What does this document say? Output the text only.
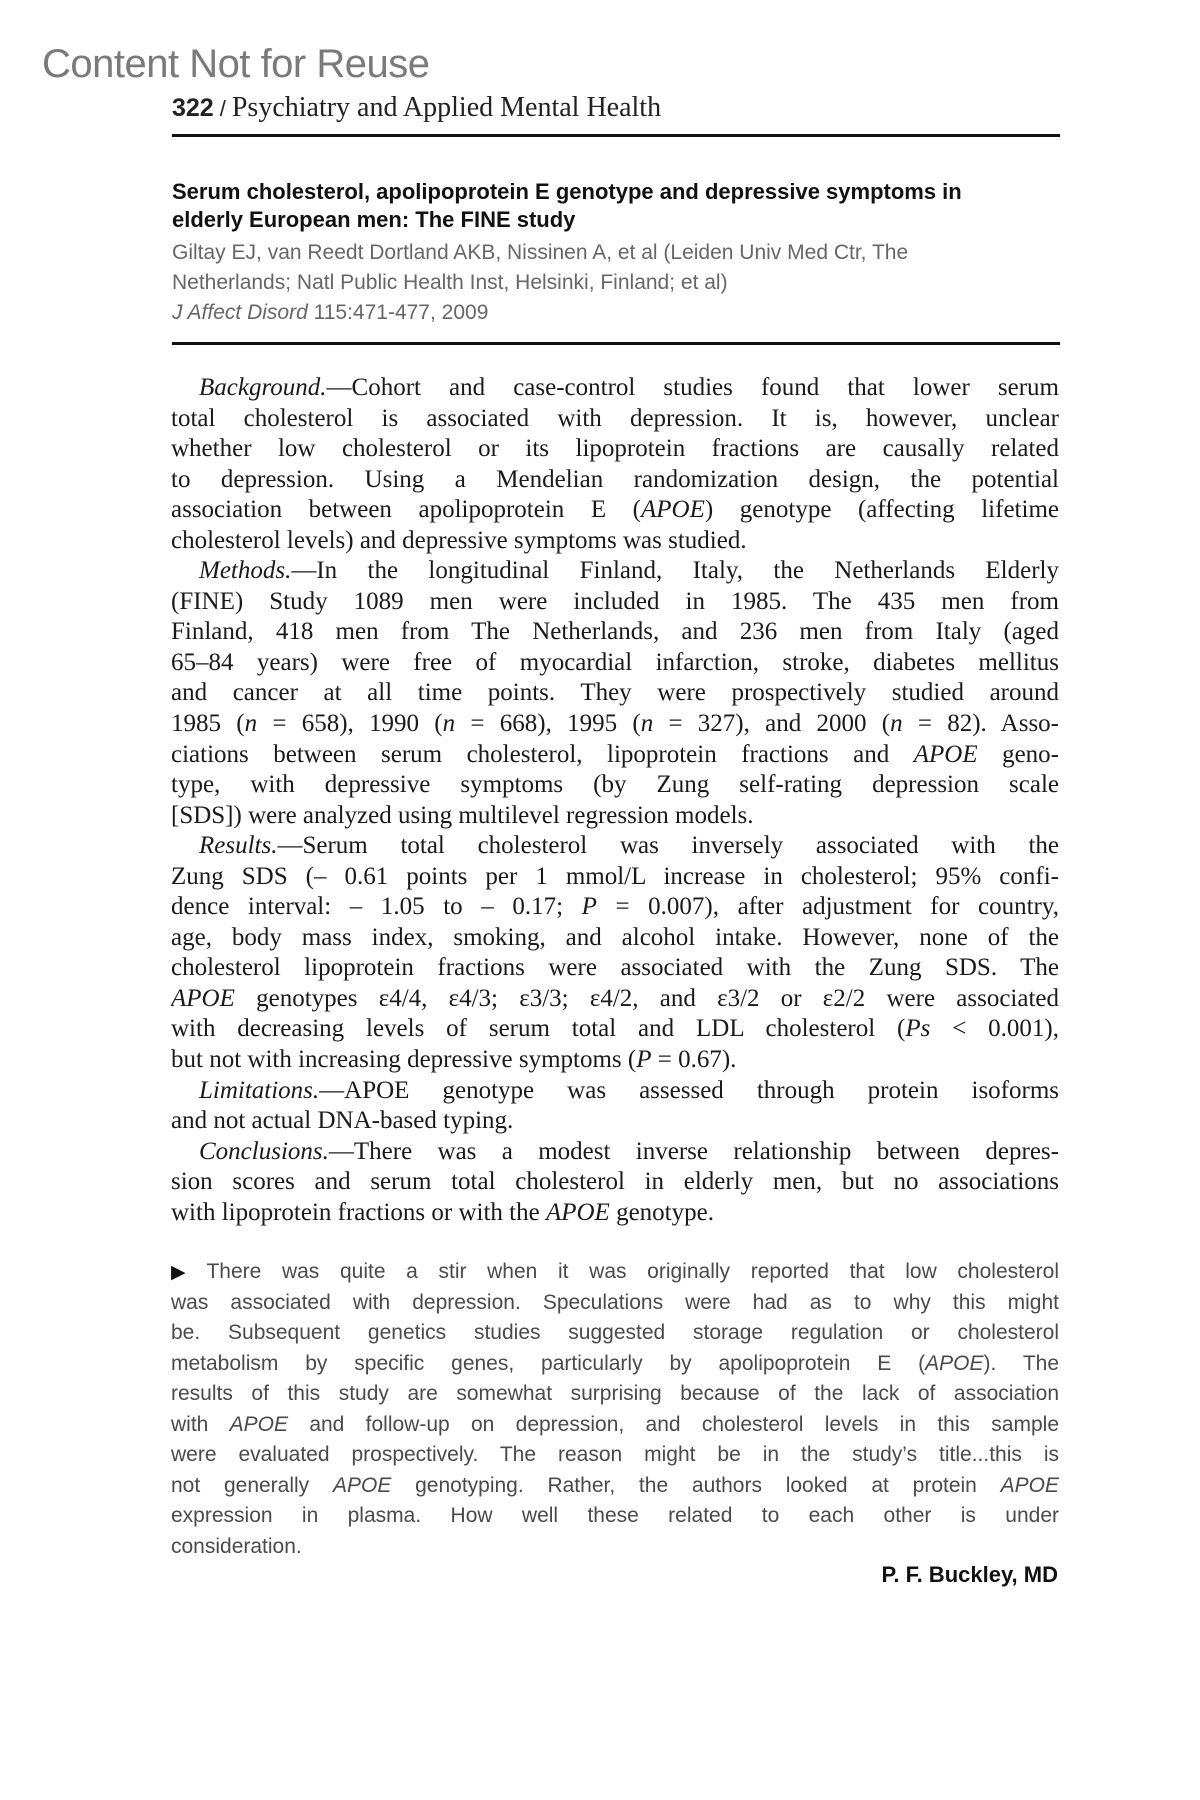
Content Not for Reuse
322 / Psychiatry and Applied Mental Health
Serum cholesterol, apolipoprotein E genotype and depressive symptoms in
elderly European men: The FINE study
Giltay EJ, van Reedt Dortland AKB, Nissinen A, et al (Leiden Univ Med Ctr, The
Netherlands; Natl Public Health Inst, Helsinki, Finland; et al)
J Affect Disord 115:471-477, 2009
Background.—Cohort and case-control studies found that lower serum
total cholesterol is associated with depression. It is, however, unclear
whether low cholesterol or its lipoprotein fractions are causally related
to depression. Using a Mendelian randomization design, the potential
association between apolipoprotein E (APOE) genotype (affecting lifetime
cholesterol levels) and depressive symptoms was studied.
Methods.—In the longitudinal Finland, Italy, the Netherlands Elderly
(FINE) Study 1089 men were included in 1985. The 435 men from
Finland, 418 men from The Netherlands, and 236 men from Italy (aged
65–84 years) were free of myocardial infarction, stroke, diabetes mellitus
and cancer at all time points. They were prospectively studied around
1985 (n = 658), 1990 (n = 668), 1995 (n = 327), and 2000 (n = 82). Asso-
ciations between serum cholesterol, lipoprotein fractions and APOE geno-
type, with depressive symptoms (by Zung self-rating depression scale
[SDS]) were analyzed using multilevel regression models.
Results.—Serum total cholesterol was inversely associated with the
Zung SDS (– 0.61 points per 1 mmol/L increase in cholesterol; 95% confi-
dence interval: – 1.05 to – 0.17; P = 0.007), after adjustment for country,
age, body mass index, smoking, and alcohol intake. However, none of the
cholesterol lipoprotein fractions were associated with the Zung SDS. The
APOE genotypes ε4/4, ε4/3; ε3/3; ε4/2, and ε3/2 or ε2/2 were associated
with decreasing levels of serum total and LDL cholesterol (Ps < 0.001),
but not with increasing depressive symptoms (P = 0.67).
Limitations.—APOE genotype was assessed through protein isoforms
and not actual DNA-based typing.
Conclusions.—There was a modest inverse relationship between depres-
sion scores and serum total cholesterol in elderly men, but no associations
with lipoprotein fractions or with the APOE genotype.
▶ There was quite a stir when it was originally reported that low cholesterol
was associated with depression. Speculations were had as to why this might
be. Subsequent genetics studies suggested storage regulation or cholesterol
metabolism by specific genes, particularly by apolipoprotein E (APOE). The
results of this study are somewhat surprising because of the lack of association
with APOE and follow-up on depression, and cholesterol levels in this sample
were evaluated prospectively. The reason might be in the study’s title...this is
not generally APOE genotyping. Rather, the authors looked at protein APOE
expression in plasma. How well these related to each other is under
consideration.
P. F. Buckley, MD
